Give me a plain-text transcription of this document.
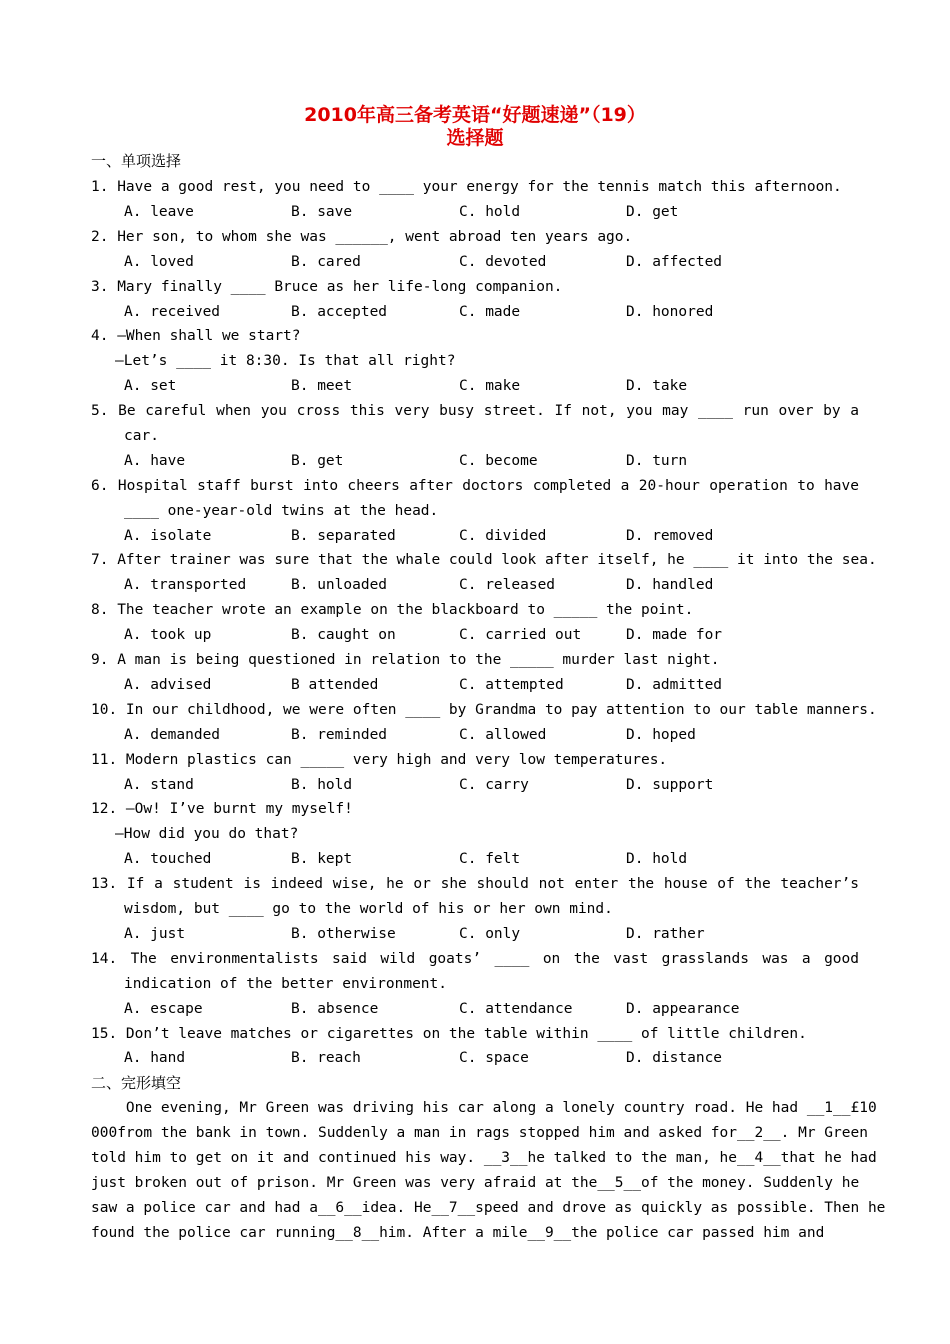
2010年高三备考英语“好题速递”（19）
选择题
一、单项选择
1. Have a good rest, you need to ____ your energy for the tennis match this afternoon.
A. leave	B. save	C. hold	D. get
2. Her son, to whom she was ______, went abroad ten years ago.
A. loved	B. cared	C. devoted	D. affected
3. Mary finally ____ Bruce as her life-long companion.
A. received	B. accepted	C. made	D. honored
4. —When shall we start?
—Let’s ____ it 8:30. Is that all right?
A. set	B. meet	C. make	D. take
5. Be careful when you cross this very busy street. If not, you may ____ run over by a
car.
A. have	B. get	C. become	D. turn
6. Hospital staff burst into cheers after doctors completed a 20-hour operation to have
____ one-year-old twins at the head.
A. isolate	B. separated	C. divided	D. removed
7. After trainer was sure that the whale could look after itself, he ____ it into the sea.
A. transported	B. unloaded	C. released	D. handled
8. The teacher wrote an example on the blackboard to _____ the point.
A. took up	B. caught on	C. carried out	D. made for
9. A man is being questioned in relation to the _____ murder last night.
A. advised	B attended	C. attempted	D. admitted
10. In our childhood, we were often ____ by Grandma to pay attention to our table manners.
A. demanded	B. reminded	C. allowed	D. hoped
11. Modern plastics can _____ very high and very low temperatures.
A. stand	B. hold	C. carry	D. support
12. —Ow! I’ve burnt my myself!
—How did you do that?
A. touched	B. kept	C. felt	D. hold
13. If a student is indeed wise, he or she should not enter the house of the teacher’s
wisdom, but ____ go to the world of his or her own mind.
A. just	B. otherwise	C. only	D. rather
14. The environmentalists said wild goats’ ____ on the vast grasslands was a good
indication of the better environment.
A. escape	B. absence	C. attendance	D. appearance
15. Don’t leave matches or cigarettes on the table within ____ of little children.
A. hand	B. reach	C. space	D. distance
二、完形填空
One evening, Mr Green was driving his car along a lonely country road. He had __1__£10
000from the bank in town. Suddenly a man in rags stopped him and asked for__2__. Mr Green
told him to get on it and continued his way. __3__he talked to the man, he__4__that he had
just broken out of prison. Mr Green was very afraid at the__5__of the money. Suddenly he
saw a police car and had a__6__idea. He__7__speed and drove as quickly as possible. Then he
found the police car running__8__him. After a mile__9__the police car passed him and
